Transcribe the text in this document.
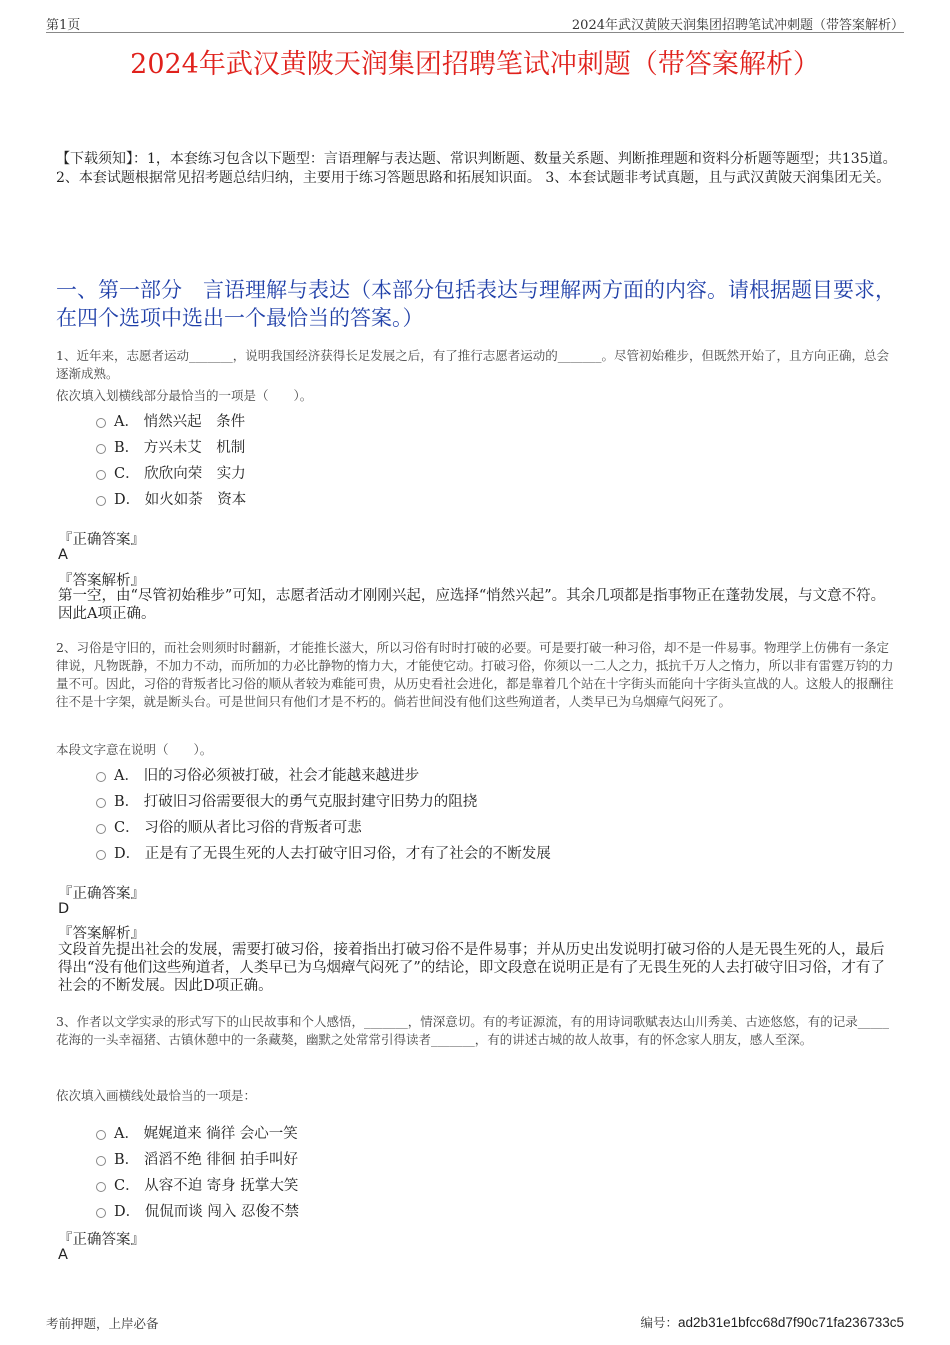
第1页	2024年武汉黄陂天润集团招聘笔试冲刺题（带答案解析）
2024年武汉黄陂天润集团招聘笔试冲刺题（带答案解析）
【下载须知】：1，本套练习包含以下题型：言语理解与表达题、常识判断题、数量关系题、判断推理题和资料分析题等题型；共135道。 2、本套试题根据常见招考题总结归纳，主要用于练习答题思路和拓展知识面。 3、本套试题非考试真题，且与武汉黄陂天润集团无关。
一、第一部分　言语理解与表达（本部分包括表达与理解两方面的内容。请根据题目要求，在四个选项中选出一个最恰当的答案。）
1、近年来，志愿者运动_______，说明我国经济获得长足发展之后，有了推行志愿者运动的_______。尽管初始稚步，但既然开始了，且方向正确，总会逐渐成熟。
依次填入划横线部分最恰当的一项是（　　）。
A． 悄然兴起　条件
B． 方兴未艾　机制
C． 欣欣向荣　实力
D． 如火如荼　资本
『正确答案』
A
『答案解析』
第一空，由“尽管初始稚步”可知，志愿者活动才刚刚兴起，应选择“悄然兴起”。其余几项都是指事物正在蓬勃发展，与文意不符。因此A项正确。
2、习俗是守旧的，而社会则须时时翻新，才能推长滋大，所以习俗有时时打破的必要。可是要打破一种习俗，却不是一件易事。物理学上仿佛有一条定律说，凡物既静，不加力不动，而所加的力必比静物的惰力大，才能使它动。打破习俗，你须以一二人之力，抵抗千万人之惰力，所以非有雷霆万钧的力量不可。因此，习俗的背叛者比习俗的顺从者较为难能可贵，从历史看社会进化，都是靠着几个站在十字街头而能向十字街头宣战的人。这般人的报酬往往不是十字架，就是断头台。可是世间只有他们才是不朽的。倘若世间没有他们这些殉道者，人类早已为乌烟瘴气闷死了。
本段文字意在说明（　　）。
A． 旧的习俗必须被打破，社会才能越来越进步
B． 打破旧习俗需要很大的勇气克服封建守旧势力的阻挠
C． 习俗的顺从者比习俗的背叛者可悲
D． 正是有了无畏生死的人去打破守旧习俗，才有了社会的不断发展
『正确答案』
D
『答案解析』
文段首先提出社会的发展，需要打破习俗，接着指出打破习俗不是件易事；并从历史出发说明打破习俗的人是无畏生死的人，最后得出“没有他们这些殉道者，人类早已为乌烟瘴气闷死了”的结论，即文段意在说明正是有了无畏生死的人去打破守旧习俗，才有了社会的不断发展。因此D项正确。
3、作者以文学实录的形式写下的山民故事和个人感悟，_______，情深意切。有的考证源流，有的用诗词歌赋表达山川秀美、古迹悠悠，有的记录_____花海的一头幸福猪、古镇休憩中的一条藏獒，幽默之处常常引得读者_______，有的讲述古城的故人故事，有的怀念家人朋友，感人至深。
依次填入画横线处最恰当的一项是：
A． 娓娓道来 徜徉 会心一笑
B． 滔滔不绝 徘徊 拍手叫好
C． 从容不迫 寄身 抚掌大笑
D． 侃侃而谈 闯入 忍俊不禁
『正确答案』
A
考前押题，上岸必备	编号： ad2b31e1bfcc68d7f90c71fa236733c5
